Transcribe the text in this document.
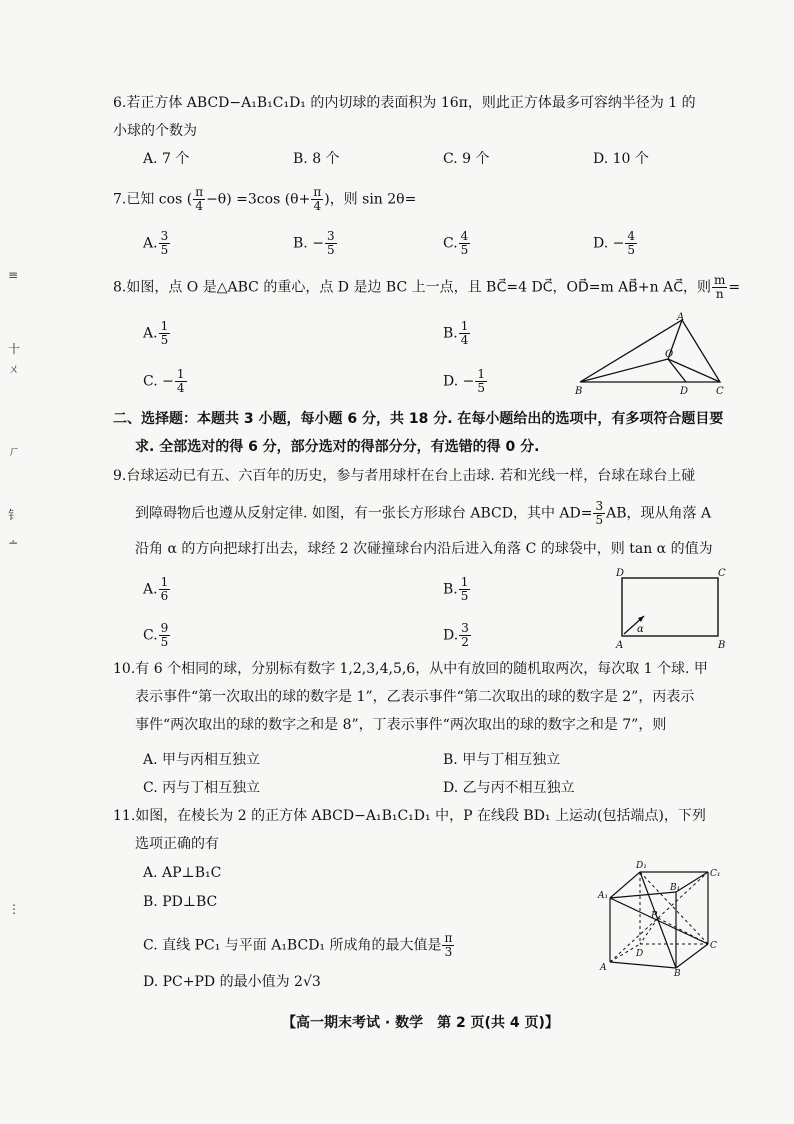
≡
十
ㄨ
ㄏ
钅
∸
⋮
6.若正方体 ABCD−A₁B₁C₁D₁ 的内切球的表面积为 16π，则此正方体最多可容纳半径为 1 的
小球的个数为
A. 7 个	B. 8 个	C. 9 个	D. 10 个
7.已知 cos ( $\frac{\pi}{4} -\theta) =3\cos$ ($\theta+ \frac{\pi}{4}$ )，则 sin 2θ=
A. $\frac{3}{5}$	B. − $\frac{3}{5}$	C. $\frac{4}{5}$	D. − $\frac{4}{5}$
8.如图，点 O 是△ABC 的重心，点 D 是边 BC 上一点，且 BC⃗=4 DC⃗，OD⃗=m AB⃗+n AC⃗，则 $\frac{m}{n}$ =
A. $\frac{1}{5}$	B. $\frac{1}{4}$
C. − $\frac{1}{4}$	D. − $\frac{1}{5}$
A
B	C
D
O
二、选择题：本题共 3 小题，每小题 6 分，共 18 分. 在每小题给出的选项中，有多项符合题目要
求. 全部选对的得 6 分，部分选对的得部分分，有选错的得 0 分.
9.台球运动已有五、六百年的历史，参与者用球杆在台上击球. 若和光线一样，台球在球台上碰
到障碍物后也遵从反射定律. 如图，有一张长方形球台 ABCD，其中 $AD= \frac{3}{5}$ AB，现从角落 A
沿角 α 的方向把球打出去，球经 2 次碰撞球台内沿后进入角落 C 的球袋中，则 tan α 的值为
A. $\frac{1}{6}$	B. $\frac{1}{5}$
C. $\frac{9}{5}$	D. $\frac{3}{2}$
D	C
A	B
α
10.有 6 个相同的球，分别标有数字 1,2,3,4,5,6，从中有放回的随机取两次，每次取 1 个球. 甲
表示事件“第一次取出的球的数字是 1”，乙表示事件“第二次取出的球的数字是 2”，丙表示
事件“两次取出的球的数字之和是 8”，丁表示事件“两次取出的球的数字之和是 7”，则
A. 甲与丙相互独立	B. 甲与丁相互独立
C. 丙与丁相互独立	D. 乙与丙不相互独立
11.如图，在棱长为 2 的正方体 ABCD−A₁B₁C₁D₁ 中，P 在线段 BD₁ 上运动(包括端点)，下列
选项正确的有
A. AP⊥B₁C
B. PD⊥BC
C. 直线 PC₁ 与平面 A₁BCD₁ 所成角的最大值是 $\frac{\pi}{3}$
D. PC+PD 的最小值为 2√3
D₁
C₁
B₁
A₁
P
D
C
B
A
【高一期末考试 · 数学　第 2 页(共 4 页)】
